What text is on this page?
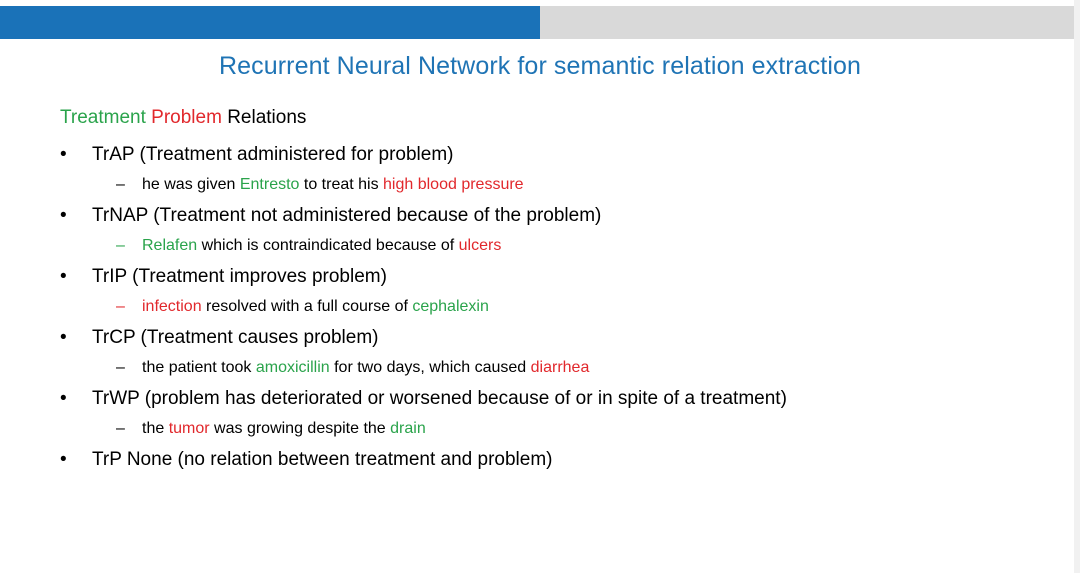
Recurrent Neural Network for semantic relation extraction
Treatment Problem Relations
• TrAP (Treatment administered for problem)
– he was given Entresto to treat his high blood pressure
• TrNAP (Treatment not administered because of the problem)
– Relafen which is contraindicated because of ulcers
• TrIP (Treatment improves problem)
– infection resolved with a full course of cephalexin
• TrCP (Treatment causes problem)
– the patient took amoxicillin for two days, which caused diarrhea
• TrWP (problem has deteriorated or worsened because of or in spite of a treatment)
– the tumor was growing despite the drain
• TrP None (no relation between treatment and problem)
